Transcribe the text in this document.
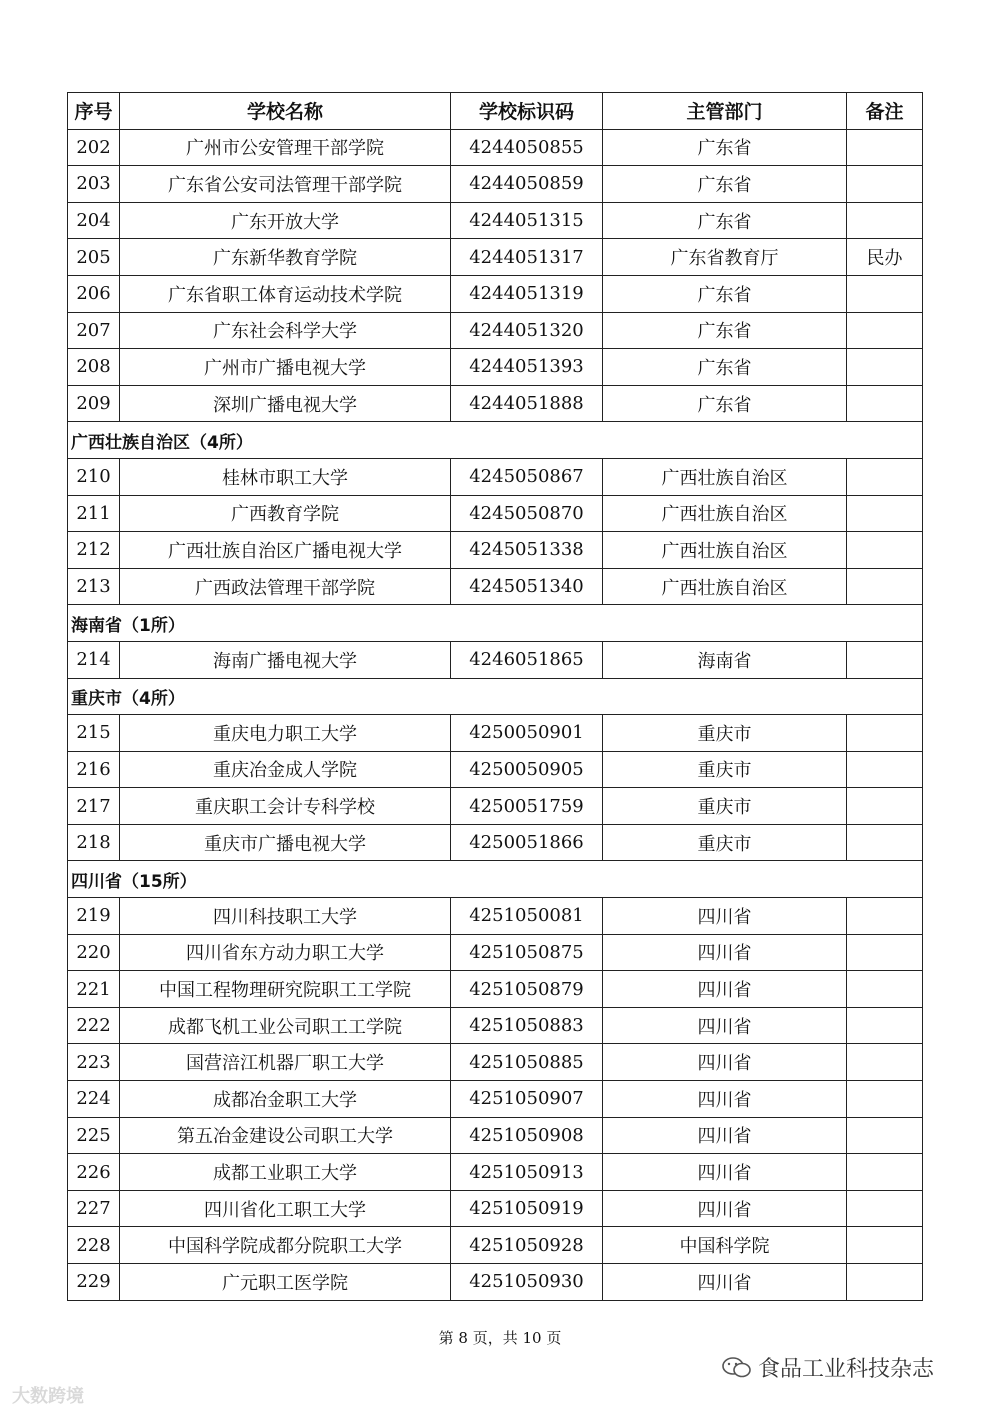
序号	学校名称	学校标识码	主管部门	备注
202	广州市公安管理干部学院	4244050855	广东省	
203	广东省公安司法管理干部学院	4244050859	广东省	
204	广东开放大学	4244051315	广东省	
205	广东新华教育学院	4244051317	广东省教育厅	民办
206	广东省职工体育运动技术学院	4244051319	广东省	
207	广东社会科学大学	4244051320	广东省	
208	广州市广播电视大学	4244051393	广东省	
209	深圳广播电视大学	4244051888	广东省	
广西壮族自治区（4所）				
210	桂林市职工大学	4245050867	广西壮族自治区	
211	广西教育学院	4245050870	广西壮族自治区	
212	广西壮族自治区广播电视大学	4245051338	广西壮族自治区	
213	广西政法管理干部学院	4245051340	广西壮族自治区	
海南省（1所）				
214	海南广播电视大学	4246051865	海南省	
重庆市（4所）				
215	重庆电力职工大学	4250050901	重庆市	
216	重庆冶金成人学院	4250050905	重庆市	
217	重庆职工会计专科学校	4250051759	重庆市	
218	重庆市广播电视大学	4250051866	重庆市	
四川省（15所）				
219	四川科技职工大学	4251050081	四川省	
220	四川省东方动力职工大学	4251050875	四川省	
221	中国工程物理研究院职工工学院	4251050879	四川省	
222	成都飞机工业公司职工工学院	4251050883	四川省	
223	国营涪江机器厂职工大学	4251050885	四川省	
224	成都冶金职工大学	4251050907	四川省	
225	第五冶金建设公司职工大学	4251050908	四川省	
226	成都工业职工大学	4251050913	四川省	
227	四川省化工职工大学	4251050919	四川省	
228	中国科学院成都分院职工大学	4251050928	中国科学院	
229	广元职工医学院	4251050930	四川省	
第 8 页，共 10 页
大数跨境
食品工业科技杂志
